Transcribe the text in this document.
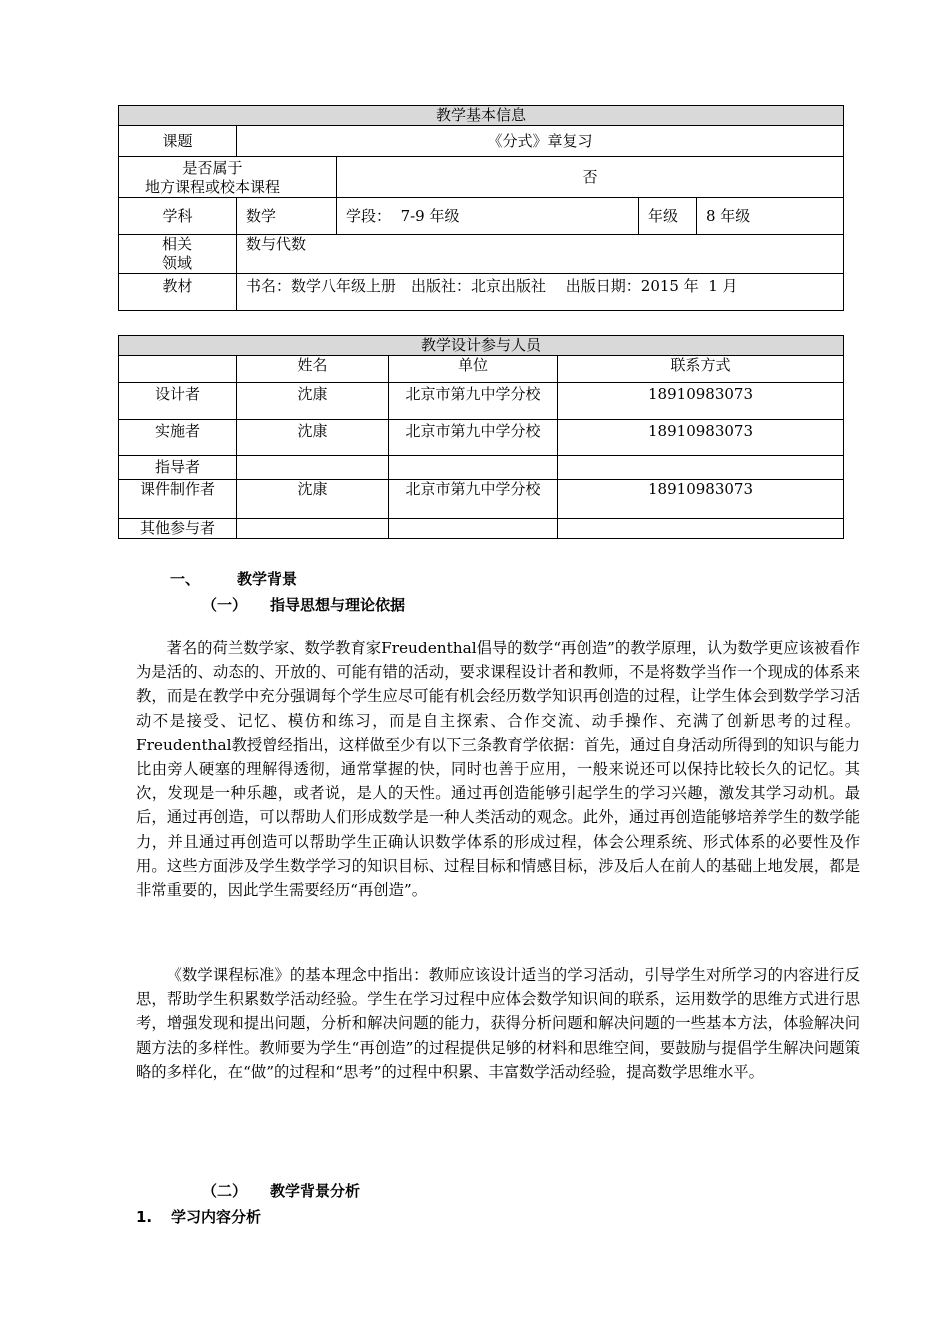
教学基本信息				
课题	《分式》章复习			

是否属于
地方课程或校本课程		否		
学科	数学	学段： 7-9 年级	年级	8 年级

相关
领域	数与代数			
教材	书名：数学八年级上册　出版社：北京出版社　 出版日期：2015 年  1 月			
教学设计参与人员			
	姓名	单位	联系方式
设计者	沈康	北京市第九中学分校	18910983073
实施者	沈康	北京市第九中学分校	18910983073
指导者			
课件制作者	沈康	北京市第九中学分校	18910983073
其他参与者			
一、 教学背景
（一） 指导思想与理论依据

著名的荷兰数学家、数学教育家Freudenthal倡导的数学“再创造”的教学原理，认为数学更应该被看作为是活的、动态的、开放的、可能有错的活动，要求课程设计者和教师，不是将数学当作一个现成的体系来教，而是在教学中充分强调每个学生应尽可能有机会经历数学知识再创造的过程，让学生体会到数学学习活动不是接受、记忆、模仿和练习，而是自主探索、合作交流、动手操作、充满了创新思考的过程。Freudenthal教授曾经指出，这样做至少有以下三条教育学依据：首先，通过自身活动所得到的知识与能力比由旁人硬塞的理解得透彻，通常掌握的快，同时也善于应用，一般来说还可以保持比较长久的记忆。其次，发现是一种乐趣，或者说，是人的天性。通过再创造能够引起学生的学习兴趣，激发其学习动机。最后，通过再创造，可以帮助人们形成数学是一种人类活动的观念。此外，通过再创造能够培养学生的数学能力，并且通过再创造可以帮助学生正确认识数学体系的形成过程，体会公理系统、形式体系的必要性及作用。这些方面涉及学生数学学习的知识目标、过程目标和情感目标，涉及后人在前人的基础上地发展，都是非常重要的，因此学生需要经历“再创造”。

《数学课程标准》的基本理念中指出：教师应该设计适当的学习活动，引导学生对所学习的内容进行反思，帮助学生积累数学活动经验。学生在学习过程中应体会数学知识间的联系，运用数学的思维方式进行思考，增强发现和提出问题，分析和解决问题的能力，获得分析问题和解决问题的一些基本方法，体验解决问题方法的多样性。教师要为学生“再创造”的过程提供足够的材料和思维空间，要鼓励与提倡学生解决问题策略的多样化，在“做”的过程和“思考”的过程中积累、丰富数学活动经验，提高数学思维水平。

（二） 教学背景分析
1. 学习内容分析
